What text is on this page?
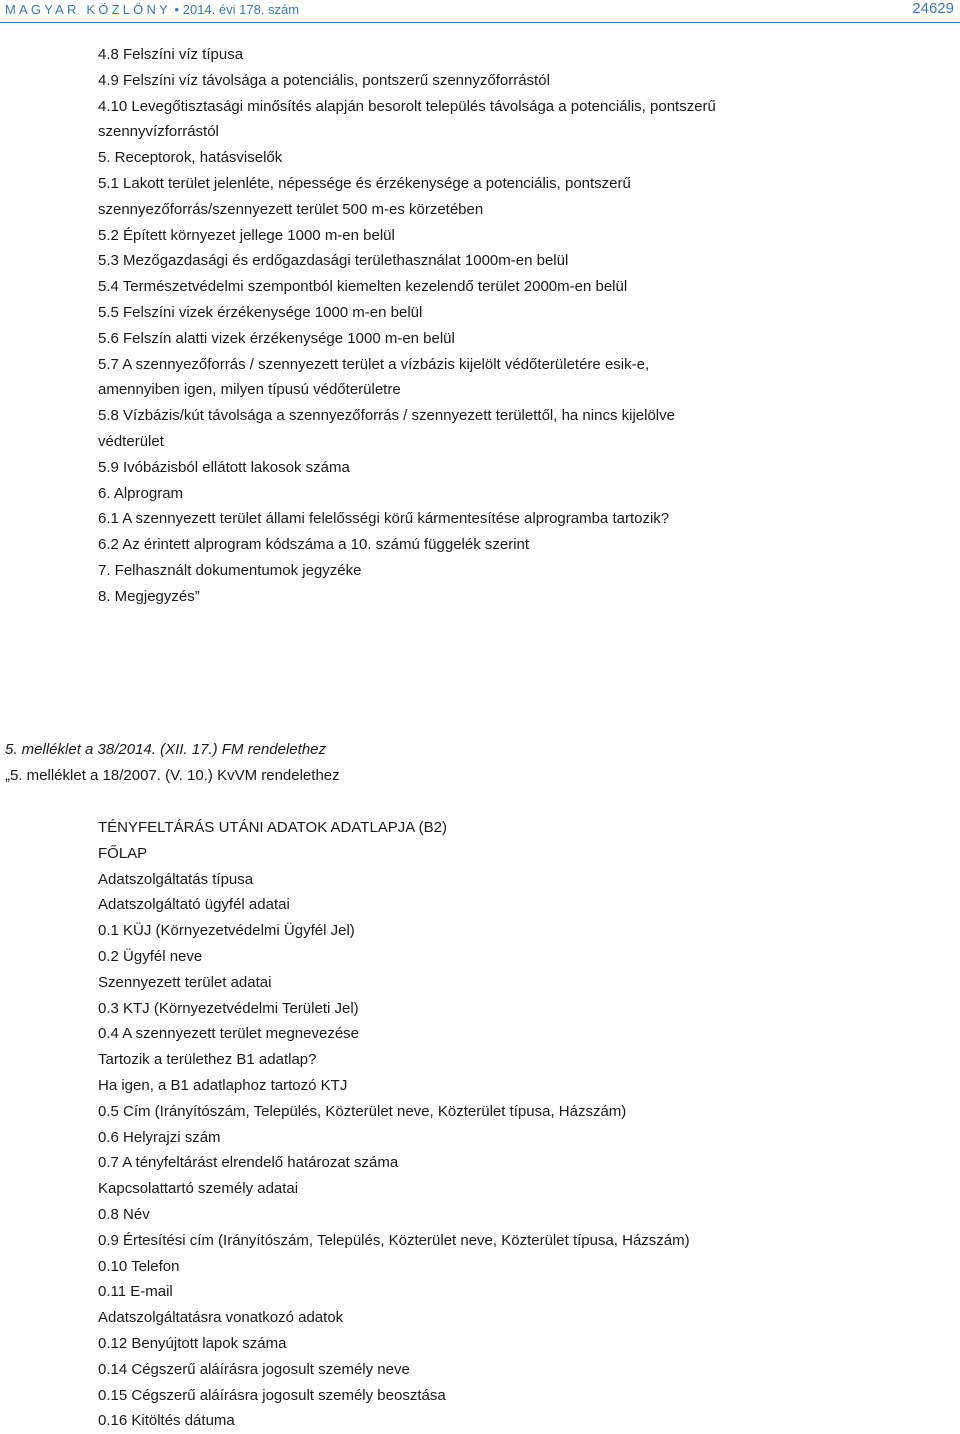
MAGYAR KÖZLÖNY • 2014. évi 178. szám	24629
4.8 Felszíni víz típusa
4.9 Felszíni víz távolsága a potenciális, pontszerű szennyzőforrástól
4.10 Levegőtisztasági minősítés alapján besorolt település távolsága a potenciális, pontszerű szennyvízforrástól
5. Receptorok, hatásviselők
5.1 Lakott terület jelenléte, népessége és érzékenysége a potenciális, pontszerű szennyezőforrás/szennyezett terület 500 m-es körzetében
5.2 Épített környezet jellege 1000 m-en belül
5.3 Mezőgazdasági és erdőgazdasági területhasználat 1000m-en belül
5.4 Természetvédelmi szempontból kiemelten kezelendő terület 2000m-en belül
5.5 Felszíni vizek érzékenysége 1000 m-en belül
5.6 Felszín alatti vizek érzékenysége 1000 m-en belül
5.7 A szennyezőforrás / szennyezett terület a vízbázis kijelölt védőterületére esik-e, amennyiben igen, milyen típusú védőterületre
5.8 Vízbázis/kút távolsága a szennyezőforrás / szennyezett területtől, ha nincs kijelölve védterület
5.9 Ivóbázisból ellátott lakosok száma
6. Alprogram
6.1 A szennyezett terület állami felelősségi körű kármentesítése alprogramba tartozik?
6.2 Az érintett alprogram kódszáma a 10. számú függelék szerint
7. Felhasznált dokumentumok jegyzéke
8. Megjegyzés”
5. melléklet a 38/2014. (XII. 17.) FM rendelethez
„5. melléklet a 18/2007. (V. 10.) KvVM rendelethez
TÉNYFELTÁRÁS UTÁNI ADATOK ADATLAPJA (B2)
FŐLAP
Adatszolgáltatás típusa
Adatszolgáltató ügyfél adatai
0.1 KÜJ (Környezetvédelmi Ügyfél Jel)
0.2 Ügyfél neve
Szennyezett terület adatai
0.3 KTJ (Környezetvédelmi Területi Jel)
0.4 A szennyezett terület megnevezése
Tartozik a területhez B1 adatlap?
Ha igen, a B1 adatlaphoz tartozó KTJ
0.5 Cím (Irányítószám, Település, Közterület neve, Közterület típusa, Házszám)
0.6 Helyrajzi szám
0.7 A tényfeltárást elrendelő határozat száma
Kapcsolattartó személy adatai
0.8 Név
0.9 Értesítési cím (Irányítószám, Település, Közterület neve, Közterület típusa, Házszám)
0.10 Telefon
0.11 E-mail
Adatszolgáltatásra vonatkozó adatok
0.12 Benyújtott lapok száma
0.14 Cégszerű aláírásra jogosult személy neve
0.15 Cégszerű aláírásra jogosult személy beosztása
0.16 Kitöltés dátuma
